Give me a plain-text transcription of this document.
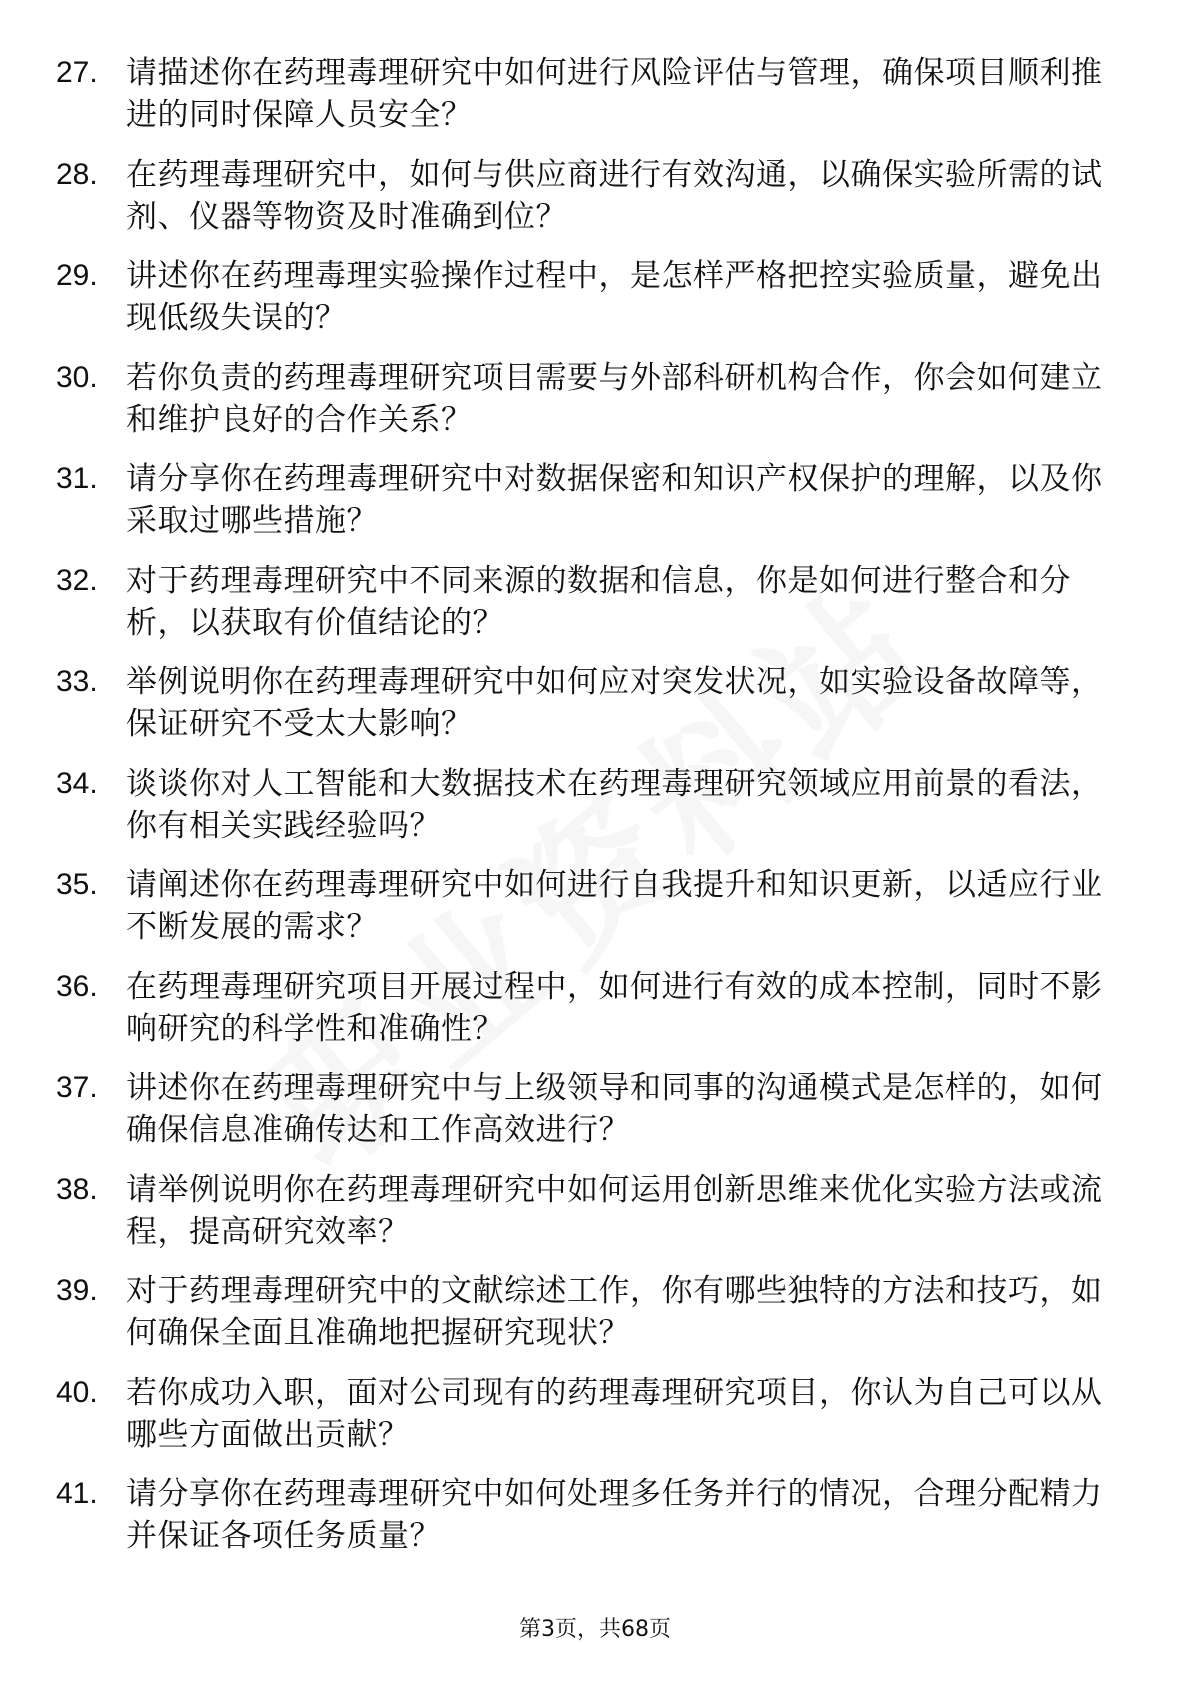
27. 请描述你在药理毒理研究中如何进行风险评估与管理，确保项目顺利推进的同时保障人员安全？
28. 在药理毒理研究中，如何与供应商进行有效沟通，以确保实验所需的试剂、仪器等物资及时准确到位？
29. 讲述你在药理毒理实验操作过程中，是怎样严格把控实验质量，避免出现低级失误的？
30. 若你负责的药理毒理研究项目需要与外部科研机构合作，你会如何建立和维护良好的合作关系？
31. 请分享你在药理毒理研究中对数据保密和知识产权保护的理解，以及你采取过哪些措施？
32. 对于药理毒理研究中不同来源的数据和信息，你是如何进行整合和分析，以获取有价值结论的？
33. 举例说明你在药理毒理研究中如何应对突发状况，如实验设备故障等，保证研究不受太大影响？
34. 谈谈你对人工智能和大数据技术在药理毒理研究领域应用前景的看法，你有相关实践经验吗？
35. 请阐述你在药理毒理研究中如何进行自我提升和知识更新，以适应行业不断发展的需求？
36. 在药理毒理研究项目开展过程中，如何进行有效的成本控制，同时不影响研究的科学性和准确性？
37. 讲述你在药理毒理研究中与上级领导和同事的沟通模式是怎样的，如何确保信息准确传达和工作高效进行？
38. 请举例说明你在药理毒理研究中如何运用创新思维来优化实验方法或流程，提高研究效率？
39. 对于药理毒理研究中的文献综述工作，你有哪些独特的方法和技巧，如何确保全面且准确地把握研究现状？
40. 若你成功入职，面对公司现有的药理毒理研究项目，你认为自己可以从哪些方面做出贡献？
41. 请分享你在药理毒理研究中如何处理多任务并行的情况，合理分配精力并保证各项任务质量？
第3页，共68页
